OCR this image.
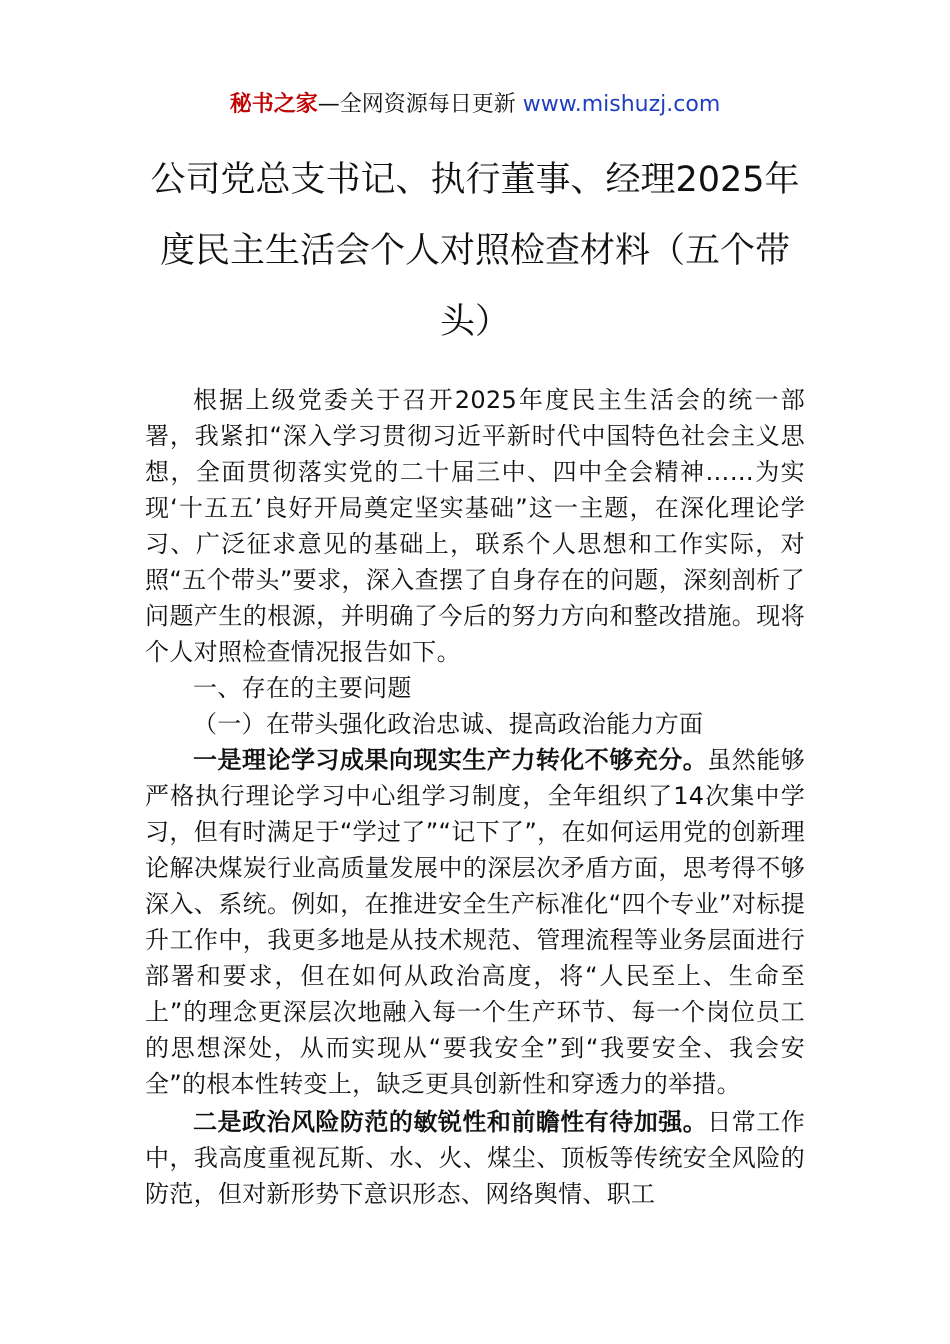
秘书之家—全网资源每日更新 www.mishuzj.com
公司党总支书记、执行董事、经理2025年度民主生活会个人对照检查材料（五个带头）

根据上级党委关于召开2025年度民主生活会的统一部署，我紧扣“深入学习贯彻习近平新时代中国特色社会主义思想，全面贯彻落实党的二十届三中、四中全会精神……为实现‘十五五’良好开局奠定坚实基础”这一主题，在深化理论学习、广泛征求意见的基础上，联系个人思想和工作实际，对照“五个带头”要求，深入查摆了自身存在的问题，深刻剖析了问题产生的根源，并明确了今后的努力方向和整改措施。现将个人对照检查情况报告如下。

一、存在的主要问题

（一）在带头强化政治忠诚、提高政治能力方面

一是理论学习成果向现实生产力转化不够充分。虽然能够严格执行理论学习中心组学习制度，全年组织了14次集中学习，但有时满足于“学过了”“记下了”，在如何运用党的创新理论解决煤炭行业高质量发展中的深层次矛盾方面，思考得不够深入、系统。例如，在推进安全生产标准化“四个专业”对标提升工作中，我更多地是从技术规范、管理流程等业务层面进行部署和要求，但在如何从政治高度，将“人民至上、生命至上”的理念更深层次地融入每一个生产环节、每一个岗位员工的思想深处，从而实现从“要我安全”到“我要安全、我会安全”的根本性转变上，缺乏更具创新性和穿透力的举措。

二是政治风险防范的敏锐性和前瞻性有待加强。日常工作中，我高度重视瓦斯、水、火、煤尘、顶板等传统安全风险的防范，但对新形势下意识形态、网络舆情、职工
